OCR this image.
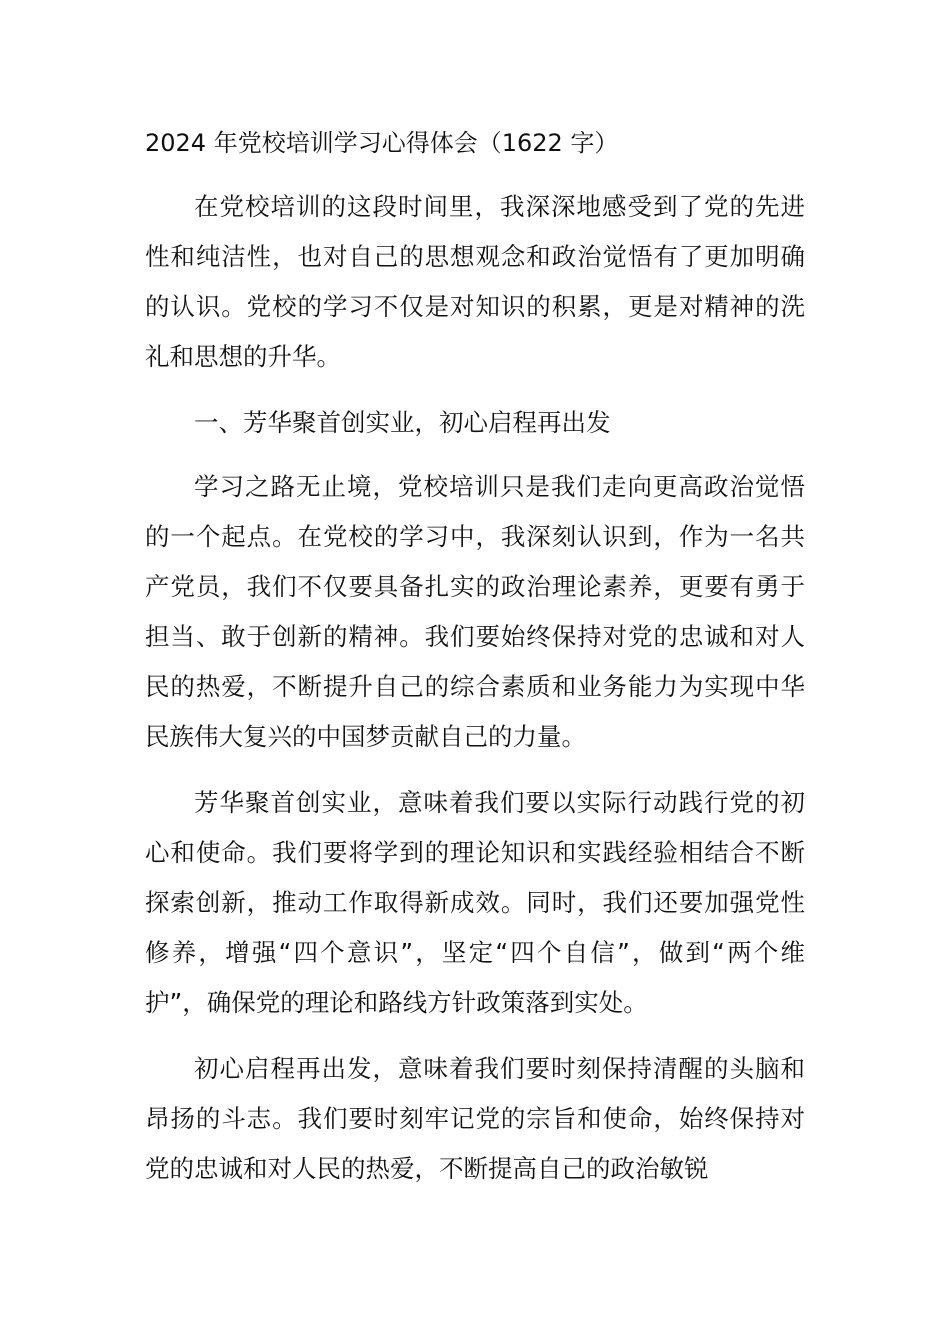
2024 年党校培训学习心得体会（1622 字）

在党校培训的这段时间里，我深深地感受到了党的先进性和纯洁性，也对自己的思想观念和政治觉悟有了更加明确的认识。党校的学习不仅是对知识的积累，更是对精神的洗礼和思想的升华。

一、芳华聚首创实业，初心启程再出发

学习之路无止境，党校培训只是我们走向更高政治觉悟的一个起点。在党校的学习中，我深刻认识到，作为一名共产党员，我们不仅要具备扎实的政治理论素养，更要有勇于担当、敢于创新的精神。我们要始终保持对党的忠诚和对人民的热爱，不断提升自己的综合素质和业务能力为实现中华民族伟大复兴的中国梦贡献自己的力量。

芳华聚首创实业，意味着我们要以实际行动践行党的初心和使命。我们要将学到的理论知识和实践经验相结合不断探索创新，推动工作取得新成效。同时，我们还要加强党性修养，增强“四个意识”，坚定“四个自信”，做到“两个维护”，确保党的理论和路线方针政策落到实处。

初心启程再出发，意味着我们要时刻保持清醒的头脑和昂扬的斗志。我们要时刻牢记党的宗旨和使命，始终保持对党的忠诚和对人民的热爱，不断提高自己的政治敏锐
